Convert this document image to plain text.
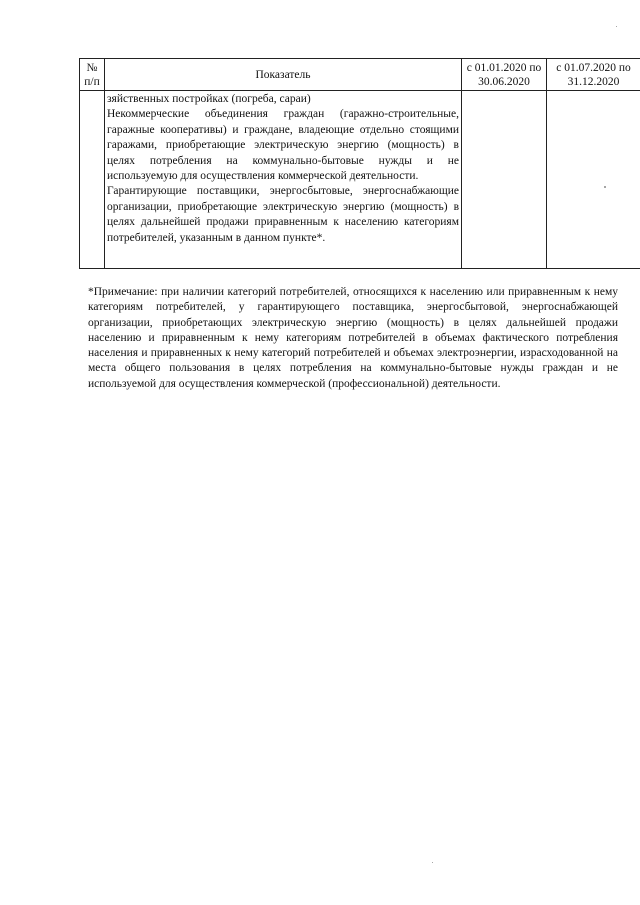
№ п/п	Показатель	с 01.01.2020 по 30.06.2020	с 01.07.2020 по 31.12.2020

	зяйственных постройках (погреба, сараи)

Некоммерческие объединения граждан (гаражно-строительные, гаражные кооперативы) и граждане, владеющие отдельно стоящими гаражами, приобретающие электрическую энергию (мощность) в целях потребления на коммунально-бытовые нужды и не используемую для осуществления коммерческой деятельности.

Гарантирующие поставщики, энергосбытовые, энергоснабжающие организации, приобретающие электрическую энергию (мощность) в целях дальнейшей продажи приравненным к населению категориям потребителей, указанным в данном пункте*.		

*Примечание: при наличии категорий потребителей, относящихся к населению или приравненным к нему категориям потребителей, у гарантирующего поставщика, энергосбытовой, энергоснабжающей организации, приобретающих электрическую энергию (мощность) в целях дальнейшей продажи населению и приравненным к нему категориям потребителей в объемах фактического потребления населения и приравненных к нему категорий потребителей и объемах электроэнергии, израсходованной на места общего пользования в целях потребления на коммунально-бытовые нужды граждан и не используемой для осуществления коммерческой (профессиональной) деятельности.
